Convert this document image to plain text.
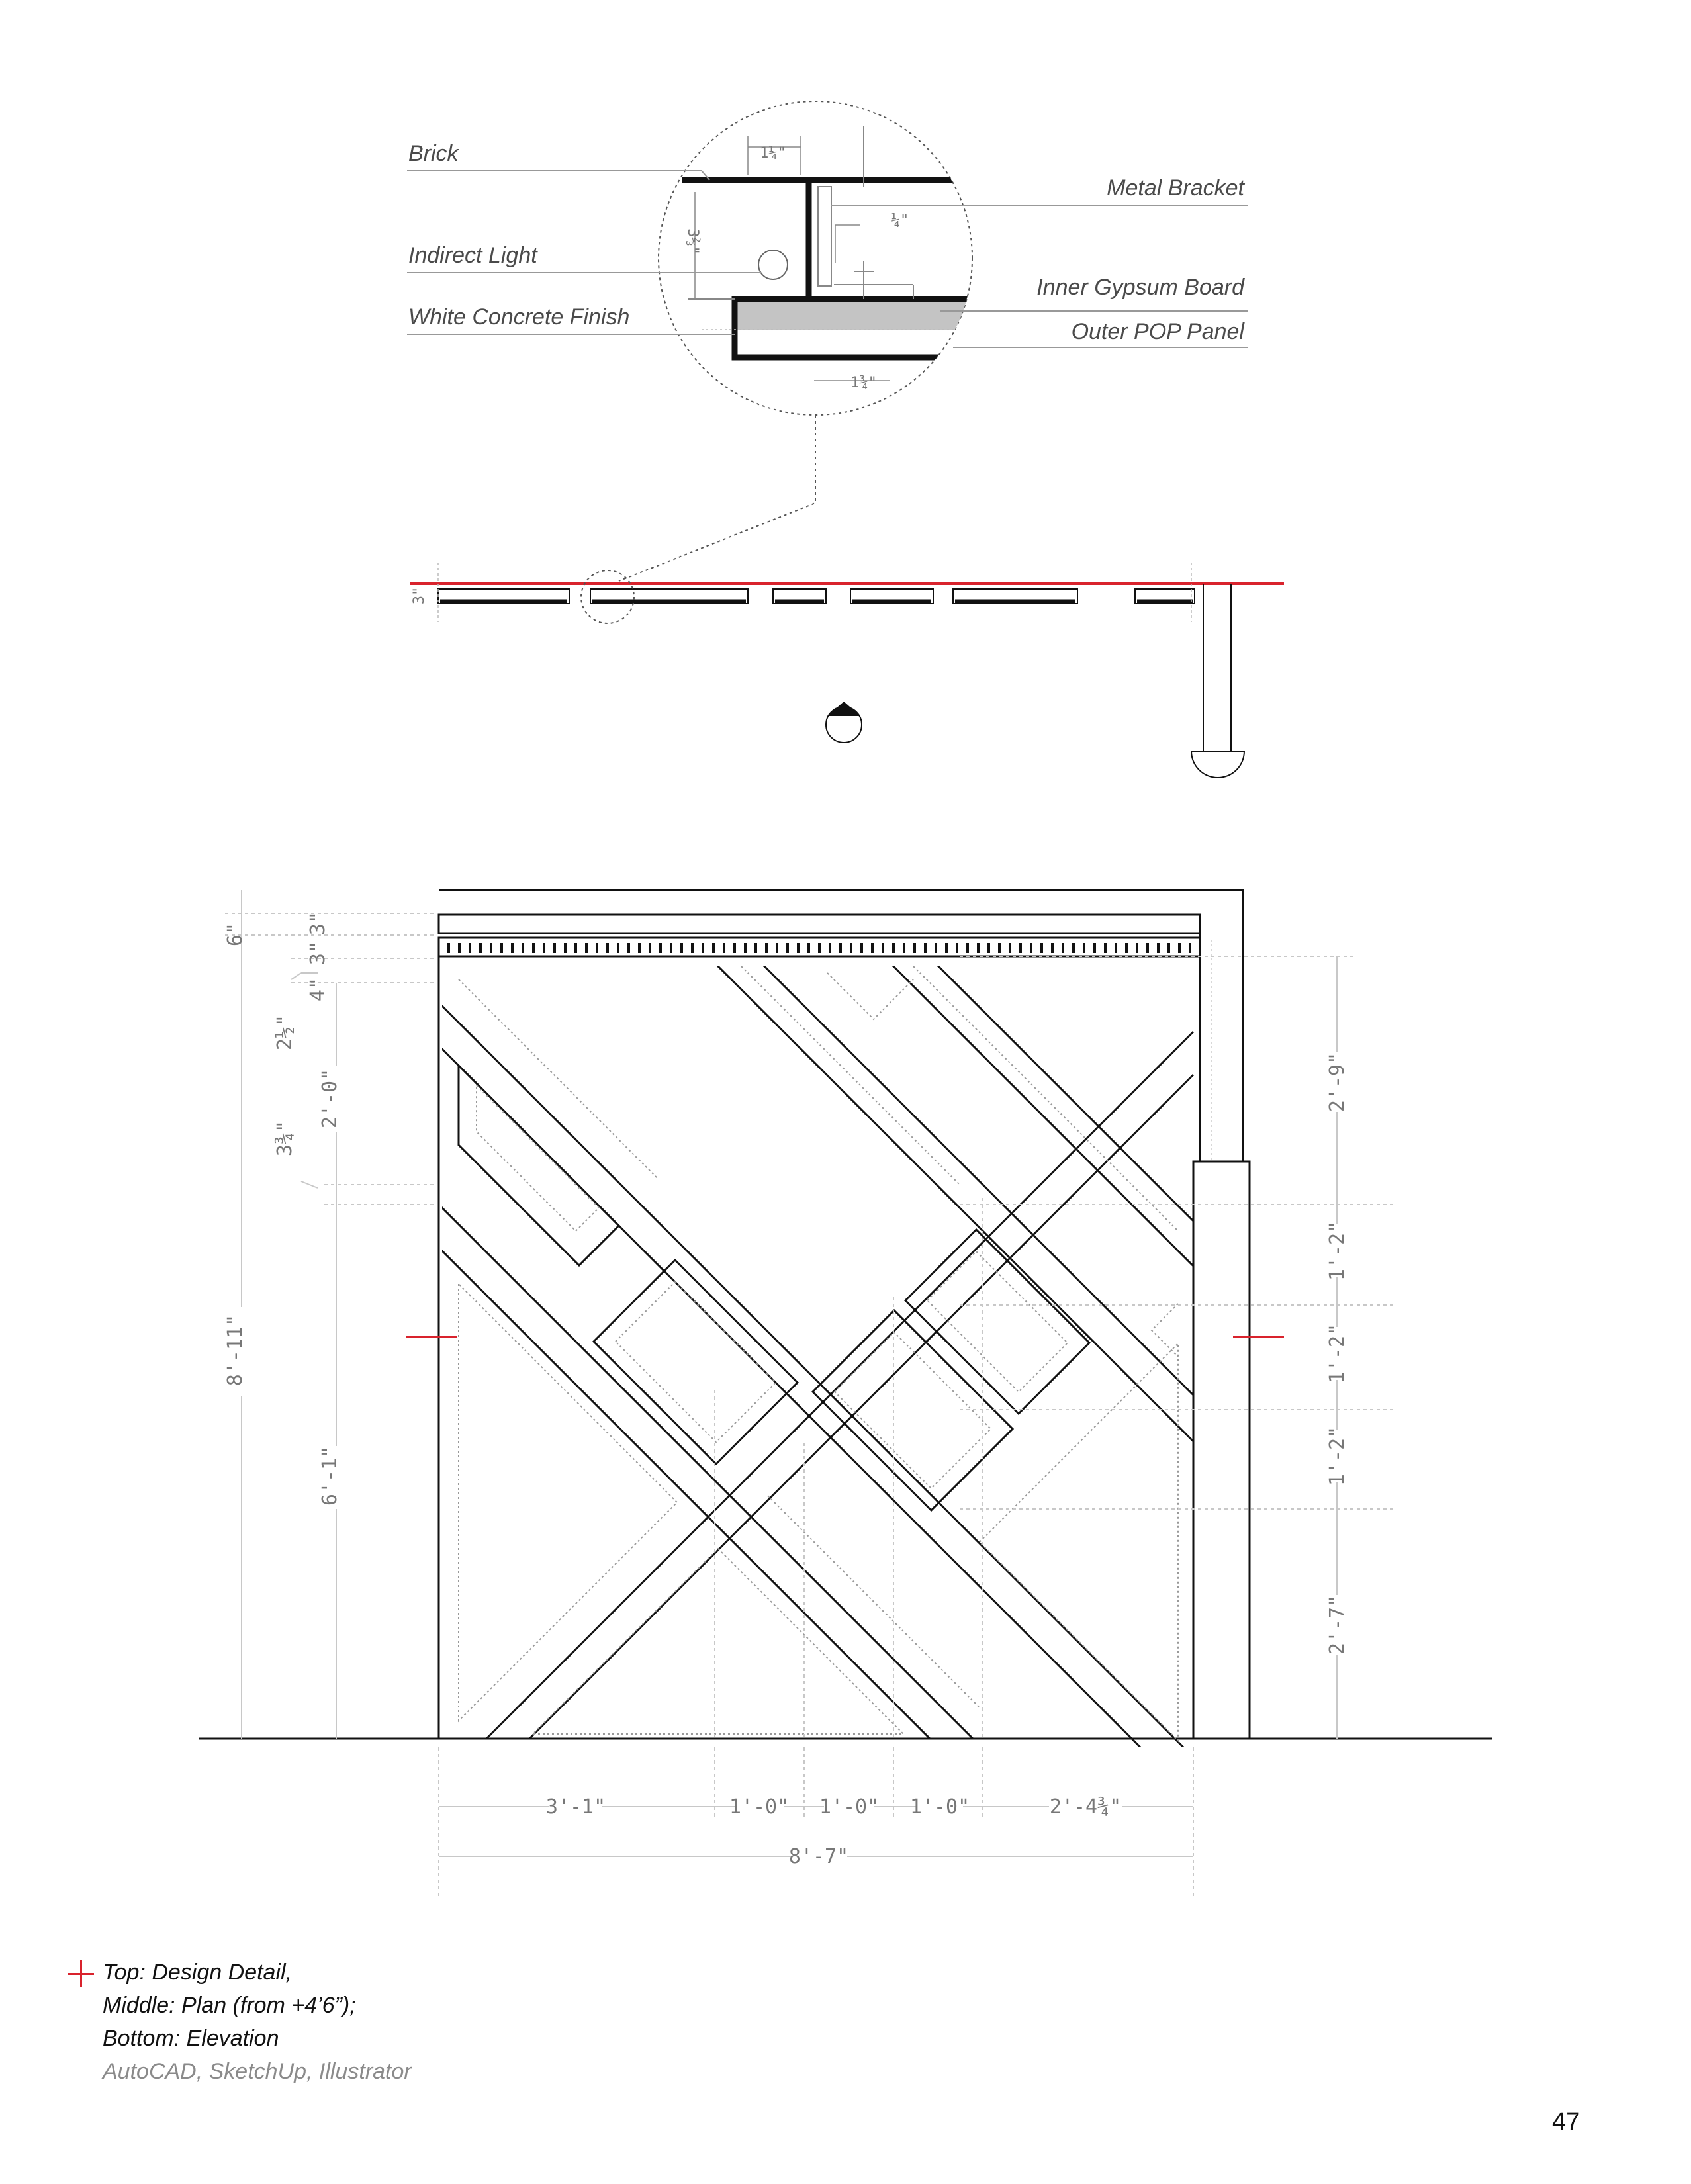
Brick
Indirect Light
White Concrete Finish
Metal Bracket
Inner Gypsum Board
Outer POP Panel
1¼"
¼"
3⅔"
1¾"
3"
6"	3"
3"
4"
2½"
2'-0"
3¾"
6'-1"
8'-11"
2'-9"
1'-2"
1'-2"
1'-2"
2'-7"
3'-1"	1'-0" 1'-0" 1'-0"	2'-4¾"
8'-7"
Top: Design Detail,
Middle: Plan (from +4’6”);
Bottom: Elevation
AutoCAD, SketchUp, Illustrator
47
